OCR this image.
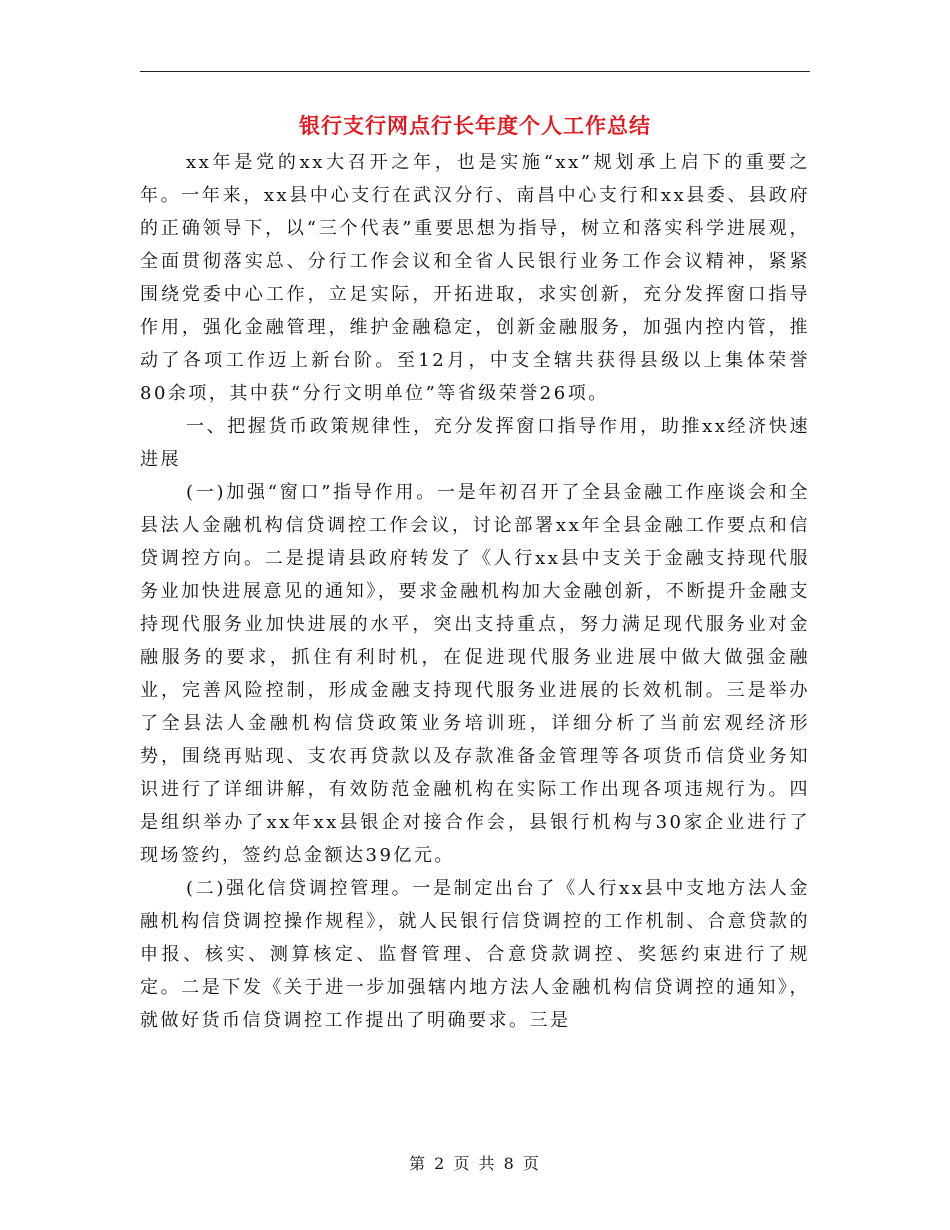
银行支行网点行长年度个人工作总结

xx年是党的xx大召开之年，也是实施“xx”规划承上启下的重要之年。一年来，xx县中心支行在武汉分行、南昌中心支行和xx县委、县政府的正确领导下，以“三个代表”重要思想为指导，树立和落实科学进展观，全面贯彻落实总、分行工作会议和全省人民银行业务工作会议精神，紧紧围绕党委中心工作，立足实际，开拓进取，求实创新，充分发挥窗口指导作用，强化金融管理，维护金融稳定，创新金融服务，加强内控内管，推动了各项工作迈上新台阶。至12月，中支全辖共获得县级以上集体荣誉80余项，其中获“分行文明单位”等省级荣誉26项。

一、把握货币政策规律性，充分发挥窗口指导作用，助推xx经济快速进展

(一)加强“窗口”指导作用。一是年初召开了全县金融工作座谈会和全县法人金融机构信贷调控工作会议，讨论部署xx年全县金融工作要点和信贷调控方向。二是提请县政府转发了《人行xx县中支关于金融支持现代服务业加快进展意见的通知》，要求金融机构加大金融创新，不断提升金融支持现代服务业加快进展的水平，突出支持重点，努力满足现代服务业对金融服务的要求，抓住有利时机，在促进现代服务业进展中做大做强金融业，完善风险控制，形成金融支持现代服务业进展的长效机制。三是举办了全县法人金融机构信贷政策业务培训班，详细分析了当前宏观经济形势，围绕再贴现、支农再贷款以及存款准备金管理等各项货币信贷业务知识进行了详细讲解，有效防范金融机构在实际工作出现各项违规行为。四是组织举办了xx年xx县银企对接合作会，县银行机构与30家企业进行了现场签约，签约总金额达39亿元。

(二)强化信贷调控管理。一是制定出台了《人行xx县中支地方法人金融机构信贷调控操作规程》，就人民银行信贷调控的工作机制、合意贷款的申报、核实、测算核定、监督管理、合意贷款调控、奖惩约束进行了规定。二是下发《关于进一步加强辖内地方法人金融机构信贷调控的通知》，就做好货币信贷调控工作提出了明确要求。三是

第 2 页 共 8 页
